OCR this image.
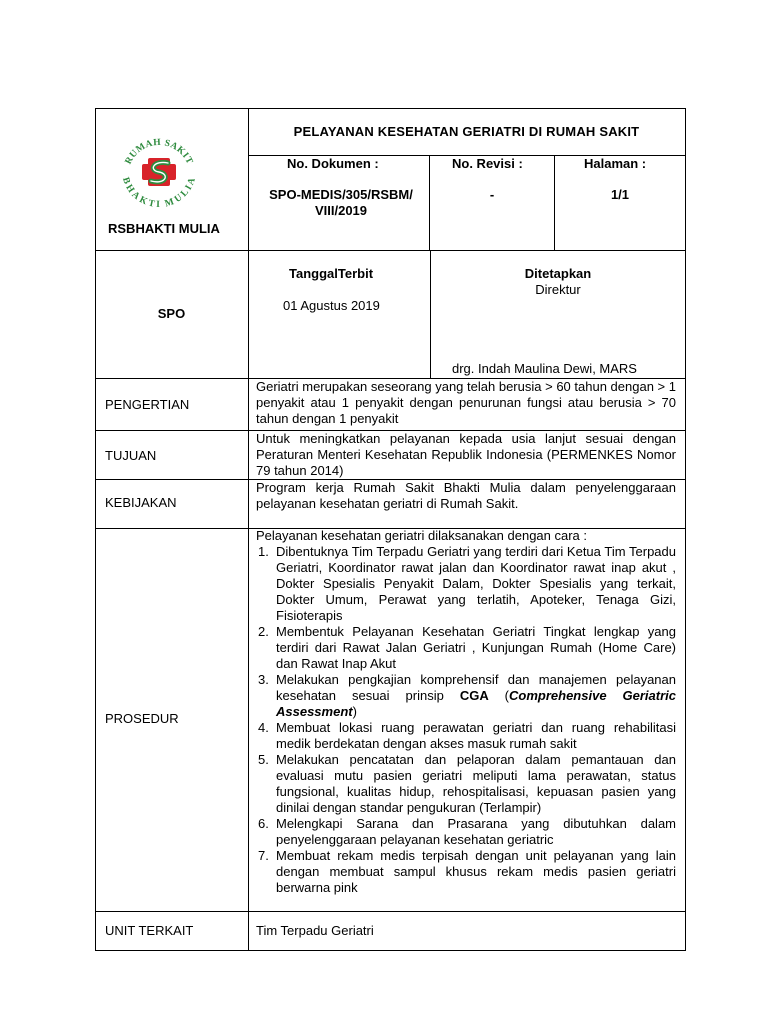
RUMAH SAKIT
BHAKTI MULIA
RSBHAKTI MULIA
PELAYANAN KESEHATAN GERIATRI DI RUMAH SAKIT
No. Dokumen :
SPO-MEDIS/305/RSBM/ VIII/2019
No. Revisi :
-
Halaman :
1/1
SPO
TanggalTerbit
01 Agustus 2019
Ditetapkan
Direktur
drg. Indah Maulina Dewi, MARS
PENGERTIAN
Geriatri merupakan seseorang yang telah berusia > 60 tahun dengan > 1 penyakit atau 1 penyakit dengan penurunan fungsi atau berusia > 70 tahun dengan 1 penyakit
TUJUAN
Untuk meningkatkan pelayanan kepada usia lanjut sesuai dengan Peraturan Menteri Kesehatan Republik Indonesia (PERMENKES Nomor 79 tahun 2014)
KEBIJAKAN
Program kerja Rumah Sakit Bhakti Mulia dalam penyelenggaraan pelayanan kesehatan geriatri di Rumah Sakit.
PROSEDUR
Pelayanan kesehatan geriatri dilaksanakan dengan cara :
1. Dibentuknya Tim Terpadu Geriatri yang terdiri dari Ketua Tim Terpadu Geriatri, Koordinator rawat jalan dan Koordinator rawat inap akut , Dokter Spesialis Penyakit Dalam, Dokter Spesialis yang terkait, Dokter Umum, Perawat yang terlatih, Apoteker, Tenaga Gizi, Fisioterapis
2. Membentuk Pelayanan Kesehatan Geriatri Tingkat lengkap yang terdiri dari Rawat Jalan Geriatri , Kunjungan Rumah (Home Care) dan Rawat Inap Akut
3. Melakukan pengkajian komprehensif dan manajemen pelayanan kesehatan sesuai prinsip CGA (Comprehensive Geriatric Assessment)
4. Membuat lokasi ruang perawatan geriatri dan ruang rehabilitasi medik berdekatan dengan akses masuk rumah sakit
5. Melakukan pencatatan dan pelaporan dalam pemantauan dan evaluasi mutu pasien geriatri meliputi lama perawatan, status fungsional, kualitas hidup, rehospitalisasi, kepuasan pasien yang dinilai dengan standar pengukuran (Terlampir)
6. Melengkapi Sarana dan Prasarana yang dibutuhkan dalam penyelenggaraan pelayanan kesehatan geriatric
7. Membuat rekam medis terpisah dengan unit pelayanan yang lain dengan membuat sampul khusus rekam medis pasien geriatri berwarna pink
UNIT TERKAIT	Tim Terpadu Geriatri
